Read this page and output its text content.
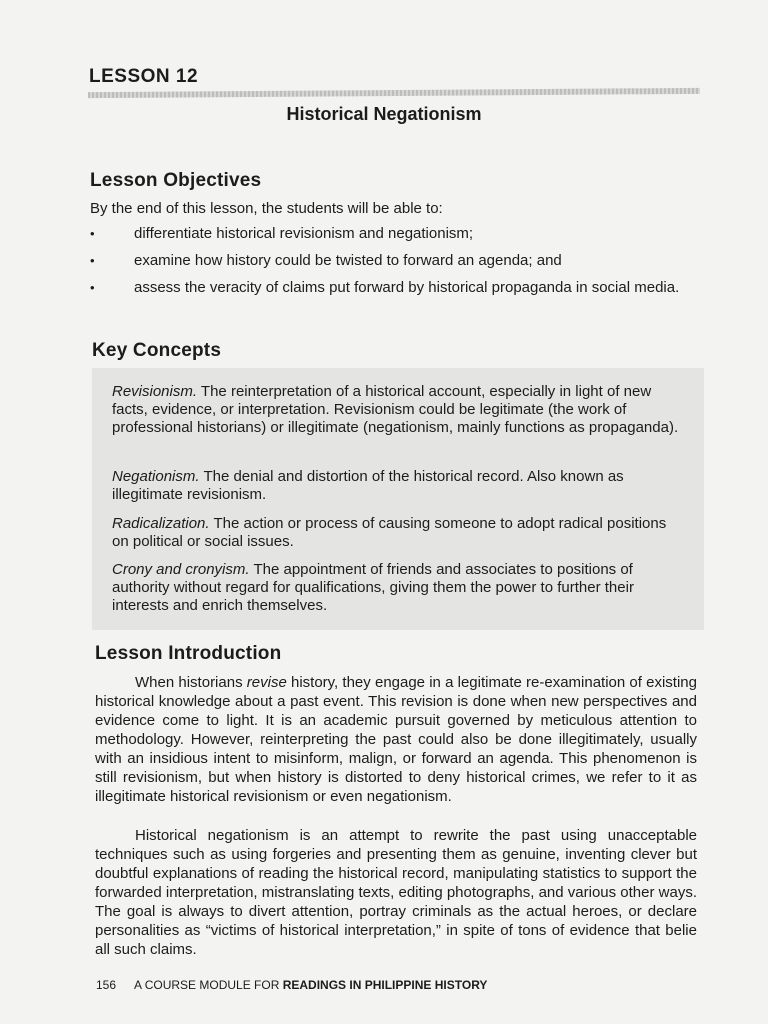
LESSON 12
Historical Negationism
Lesson Objectives
By the end of this lesson, the students will be able to:
• differentiate historical revisionism and negationism;
• examine how history could be twisted to forward an agenda; and
• assess the veracity of claims put forward by historical propaganda in social media.
Key Concepts
Revisionism. The reinterpretation of a historical account, especially in light of new facts, evidence, or interpretation. Revisionism could be legitimate (the work of professional historians) or illegitimate (negationism, mainly functions as propaganda).
Negationism. The denial and distortion of the historical record. Also known as illegitimate revisionism.
Radicalization. The action or process of causing someone to adopt radical positions on political or social issues.
Crony and cronyism. The appointment of friends and associates to positions of authority without regard for qualifications, giving them the power to further their interests and enrich themselves.
Lesson Introduction
When historians revise history, they engage in a legitimate re-examination of existing historical knowledge about a past event. This revision is done when new perspectives and evidence come to light. It is an academic pursuit governed by meticulous attention to methodology. However, reinterpreting the past could also be done illegitimately, usually with an insidious intent to misinform, malign, or forward an agenda. This phenomenon is still revisionism, but when history is distorted to deny historical crimes, we refer to it as illegitimate historical revisionism or even negationism.
Historical negationism is an attempt to rewrite the past using unacceptable techniques such as using forgeries and presenting them as genuine, inventing clever but doubtful explanations of reading the historical record, manipulating statistics to support the forwarded interpretation, mistranslating texts, editing photographs, and various other ways. The goal is always to divert attention, portray criminals as the actual heroes, or declare personalities as “victims of historical interpretation,” in spite of tons of evidence that belie all such claims.
156 A COURSE MODULE FOR READINGS IN PHILIPPINE HISTORY
